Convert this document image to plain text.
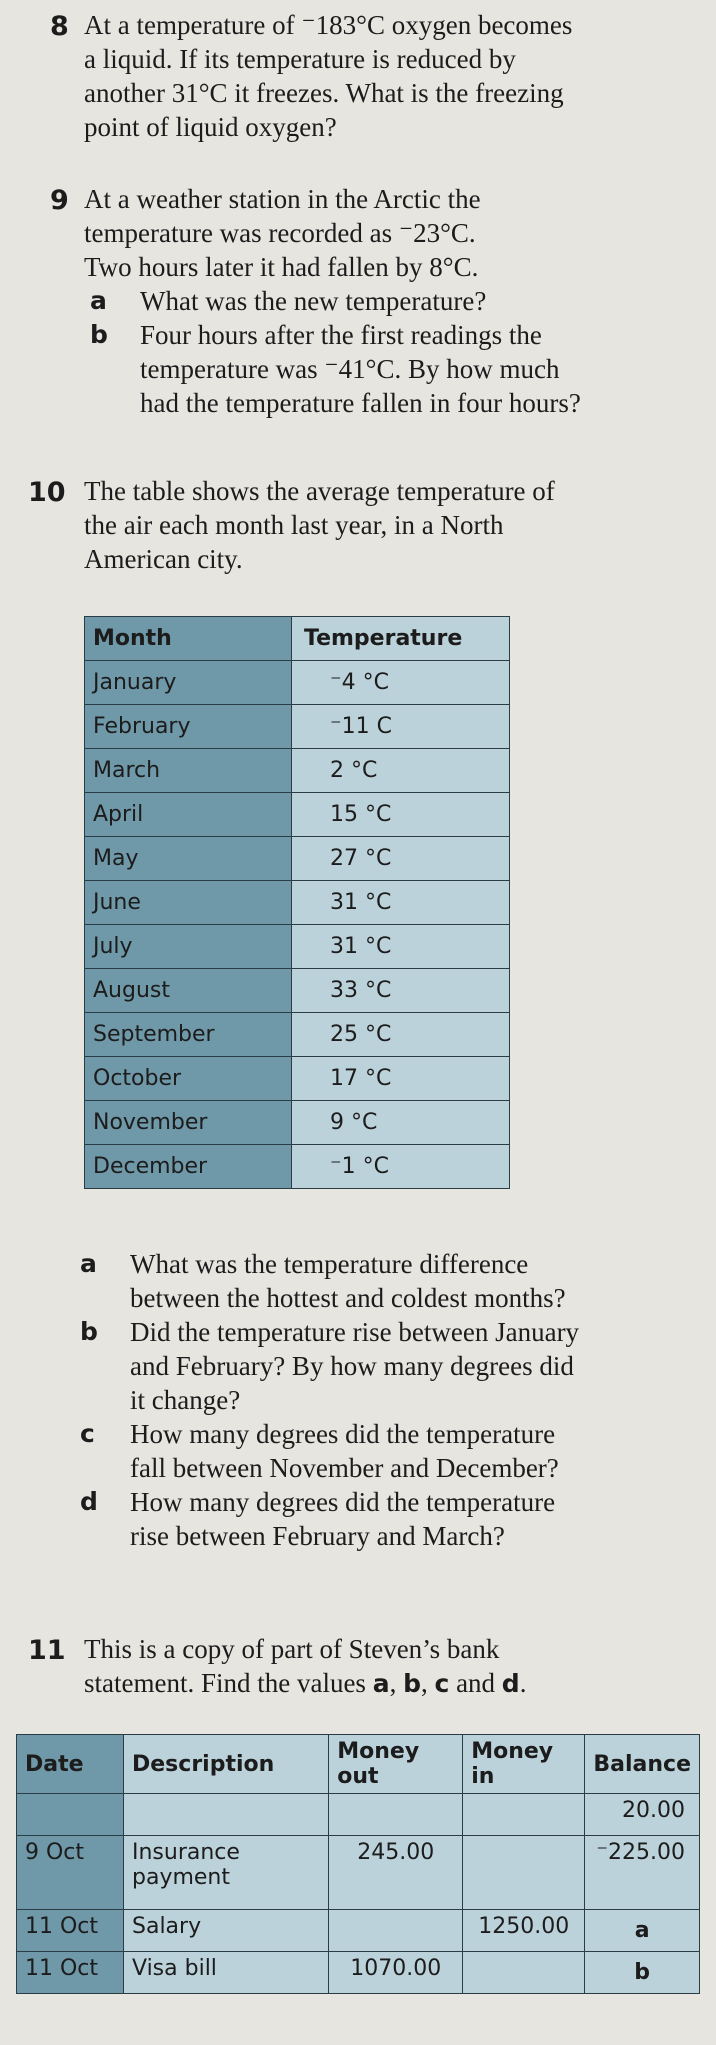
8 At a temperature of ⁻183°C oxygen becomes
a liquid. If its temperature is reduced by
another 31°C it freezes. What is the freezing
point of liquid oxygen?
9 At a weather station in the Arctic the
temperature was recorded as ⁻23°C.
Two hours later it had fallen by 8°C.
a What was the new temperature?
b Four hours after the first readings the
temperature was ⁻41°C. By how much
had the temperature fallen in four hours?
10 The table shows the average temperature of
the air each month last year, in a North
American city.
Month	Temperature
January	⁻4 °C
February	⁻11 C
March	2 °C
April	15 °C
May	27 °C
June	31 °C
July	31 °C
August	33 °C
September	25 °C
October	17 °C
November	9 °C
December	⁻1 °C
a What was the temperature difference
between the hottest and coldest months?
b Did the temperature rise between January
and February? By how many degrees did
it change?
c How many degrees did the temperature
fall between November and December?
d How many degrees did the temperature
rise between February and March?
11 This is a copy of part of Steven’s bank
statement. Find the values a, b, c and d.
Date	Description	Money out	Money in	Balance
				20.00
9 Oct	Insurance payment	245.00		⁻225.00
11 Oct	Salary		1250.00	a
11 Oct	Visa bill	1070.00		b
